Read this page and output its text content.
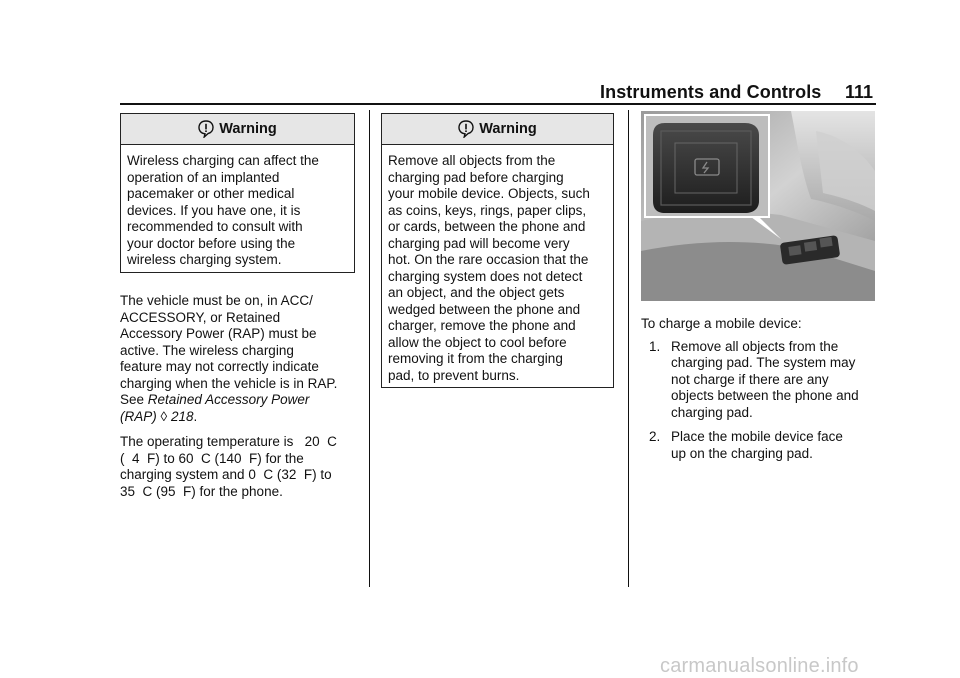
Instruments and Controls 111
Warning
Wireless charging can affect the
operation of an implanted
pacemaker or other medical
devices. If you have one, it is
recommended to consult with
your doctor before using the
wireless charging system.

The vehicle must be on, in ACC/
ACCESSORY, or Retained
Accessory Power (RAP) must be
active. The wireless charging
feature may not correctly indicate
charging when the vehicle is in RAP.
See Retained Accessory Power
(RAP) ◊ 218.

The operating temperature is   20  C
(  4  F) to 60  C (140  F) for the
charging system and 0  C (32  F) to
35  C (95  F) for the phone.

Warning
Remove all objects from the
charging pad before charging
your mobile device. Objects, such
as coins, keys, rings, paper clips,
or cards, between the phone and
charging pad will become very
hot. On the rare occasion that the
charging system does not detect
an object, and the object gets
wedged between the phone and
charger, remove the phone and
allow the object to cool before
removing it from the charging
pad, to prevent burns.
To charge a mobile device:
1. Remove all objects from the
charging pad. The system may
not charge if there are any
objects between the phone and
charging pad.
2. Place the mobile device face
up on the charging pad.
carmanualsonline.info
